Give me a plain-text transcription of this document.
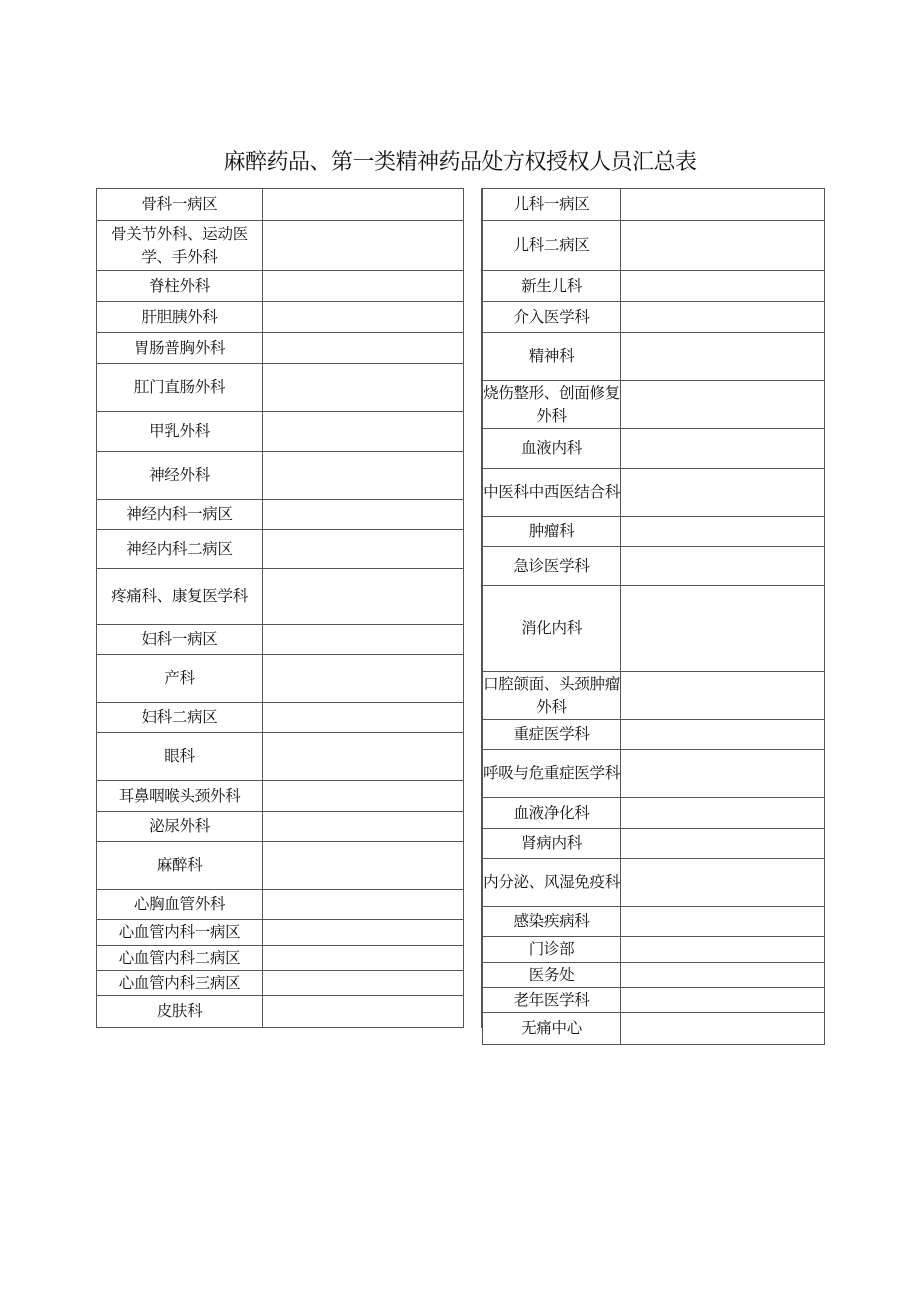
麻醉药品、第一类精神药品处方权授权人员汇总表
骨科一病区	
骨关节外科、运动医学、手外科	
脊柱外科	
肝胆胰外科	
胃肠普胸外科	
肛门直肠外科	
甲乳外科	
神经外科	
神经内科一病区	
神经内科二病区	
疼痛科、康复医学科	
妇科一病区	
产科	
妇科二病区	
眼科	
耳鼻咽喉头颈外科	
泌尿外科	
麻醉科	
心胸血管外科	
心血管内科一病区	
心血管内科二病区	
心血管内科三病区	
皮肤科	
儿科一病区	
儿科二病区	
新生儿科	
介入医学科	
精神科	
烧伤整形、创面修复外科	
血液内科	
中医科中西医结合科	
肿瘤科	
急诊医学科	
消化内科	
口腔颌面、头颈肿瘤外科	
重症医学科	
呼吸与危重症医学科	
血液净化科	
肾病内科	
内分泌、风湿免疫科	
感染疾病科	
门诊部	
医务处	
老年医学科	
无痛中心	
